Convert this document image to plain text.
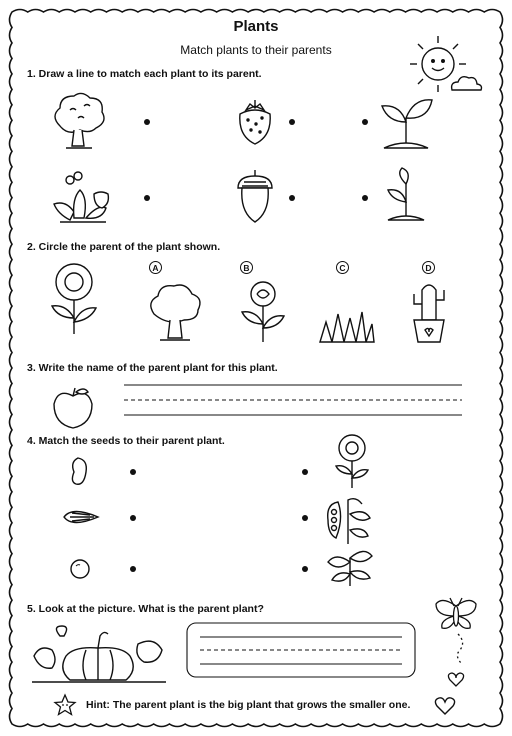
Plants
Match plants to their parents
1. Draw a line to match each plant to its parent.
2. Circle the parent of the plant shown.
A	B	C	D
3. Write the name of the parent plant for this plant.
4. Match the seeds to their parent plant.
5. Look at the picture. What is the parent plant?
Hint: The parent plant is the big plant that grows the smaller one.
